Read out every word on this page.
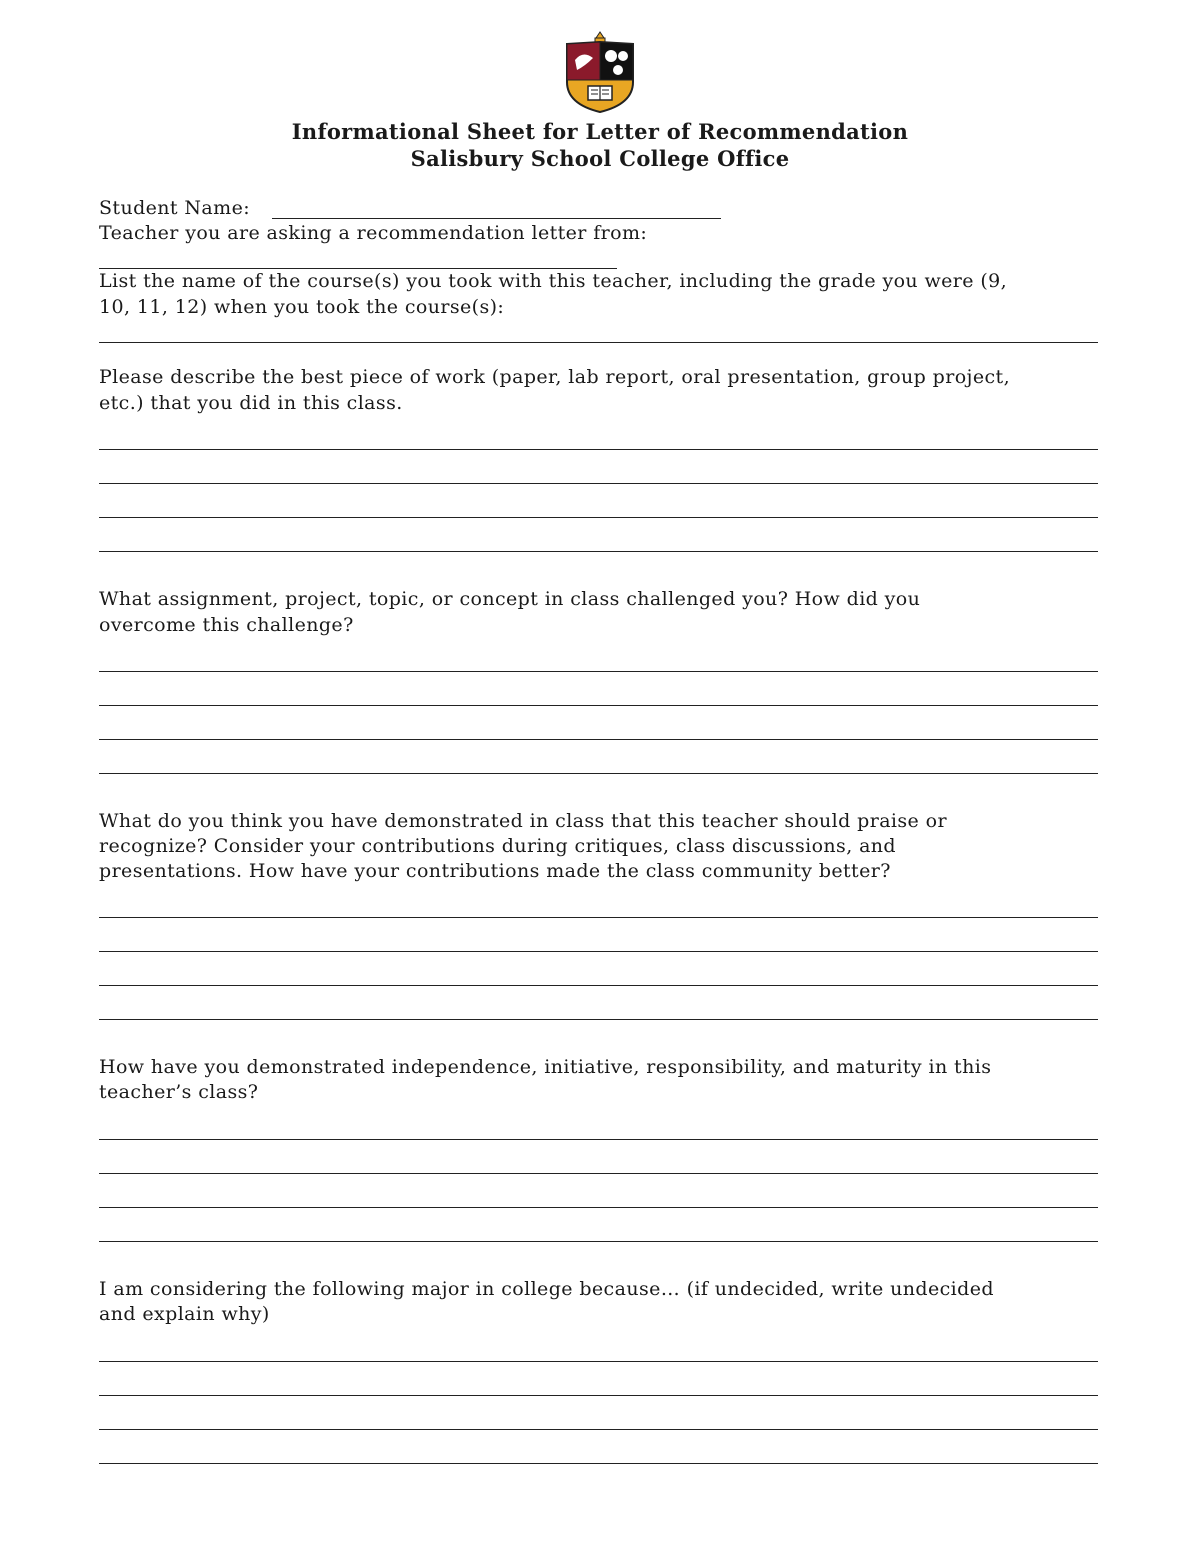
Informational Sheet for Letter of Recommendation
Salisbury School College Office
Student Name:
Teacher you are asking a recommendation letter from:
List the name of the course(s) you took with this teacher, including the grade you were (9,
10, 11, 12) when you took the course(s):
Please describe the best piece of work (paper, lab report, oral presentation, group project,
etc.) that you did in this class.
What assignment, project, topic, or concept in class challenged you? How did you
overcome this challenge?
What do you think you have demonstrated in class that this teacher should praise or
recognize? Consider your contributions during critiques, class discussions, and
presentations. How have your contributions made the class community better?
How have you demonstrated independence, initiative, responsibility, and maturity in this
teacher’s class?
I am considering the following major in college because… (if undecided, write undecided
and explain why)
